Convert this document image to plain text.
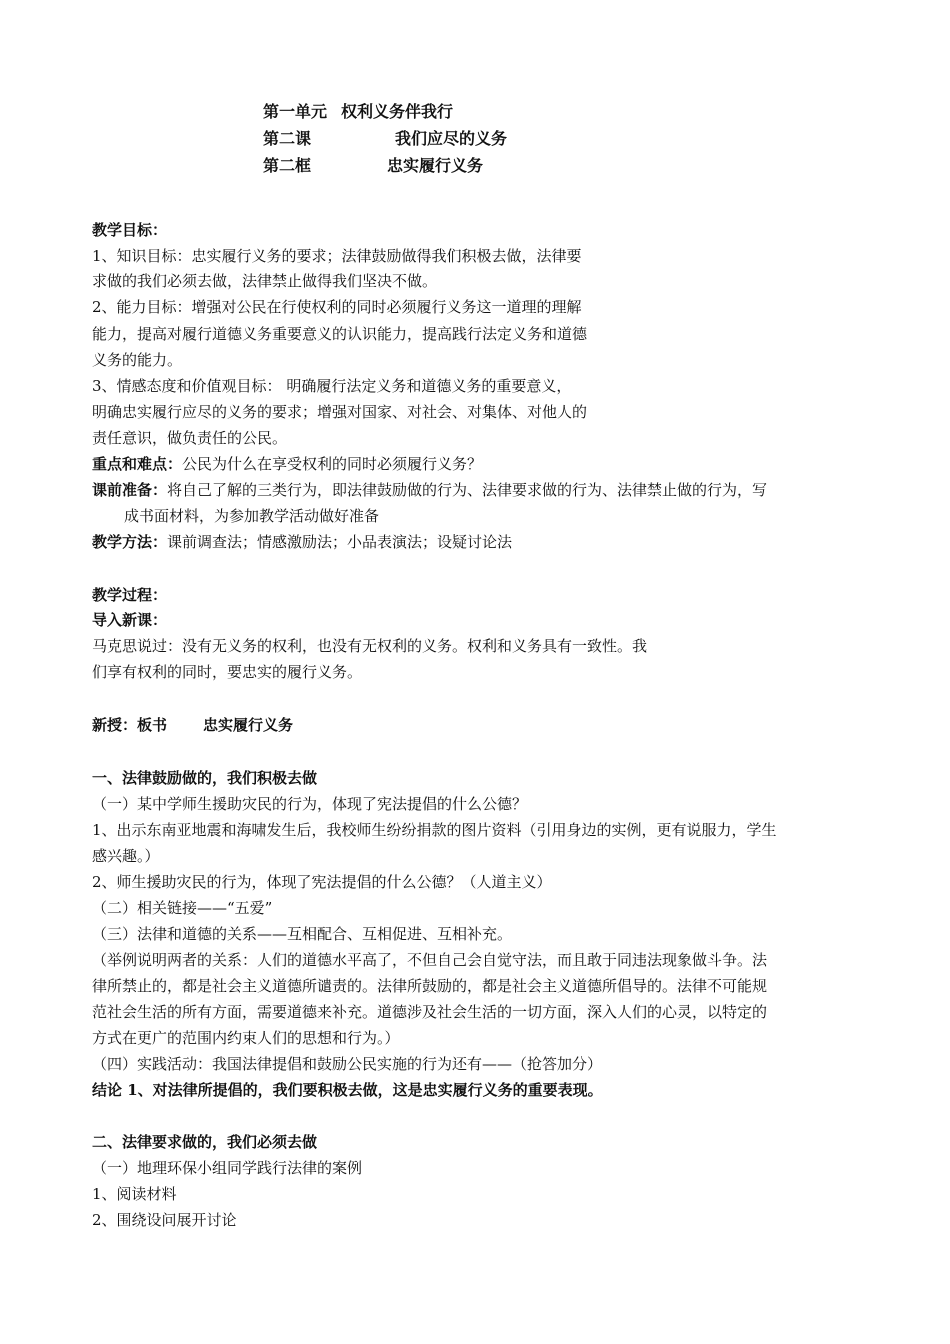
第一单元 权利义务伴我行
第二课	我们应尽的义务
第二框	忠实履行义务
教学目标：
1、知识目标：忠实履行义务的要求；法律鼓励做得我们积极去做，法律要
求做的我们必须去做，法律禁止做得我们坚决不做。
2、能力目标：增强对公民在行使权利的同时必须履行义务这一道理的理解
能力，提高对履行道德义务重要意义的认识能力，提高践行法定义务和道德
义务的能力。
3、情感态度和价值观目标： 明确履行法定义务和道德义务的重要意义，
明确忠实履行应尽的义务的要求；增强对国家、对社会、对集体、对他人的
责任意识，做负责任的公民。
重点和难点：公民为什么在享受权利的同时必须履行义务？
课前准备：将自己了解的三类行为，即法律鼓励做的行为、法律要求做的行为、法律禁止做的行为，写
成书面材料，为参加教学活动做好准备
教学方法：课前调查法；情感激励法；小品表演法；设疑讨论法
教学过程：
导入新课：
马克思说过：没有无义务的权利，也没有无权利的义务。权利和义务具有一致性。我
们享有权利的同时，要忠实的履行义务。
新授：板书 忠实履行义务
一、法律鼓励做的，我们积极去做
（一）某中学师生援助灾民的行为，体现了宪法提倡的什么公德？
1、出示东南亚地震和海啸发生后，我校师生纷纷捐款的图片资料（引用身边的实例，更有说服力，学生
感兴趣。）
2、师生援助灾民的行为，体现了宪法提倡的什么公德？（人道主义）
（二）相关链接——“五爱”
（三）法律和道德的关系——互相配合、互相促进、互相补充。
（举例说明两者的关系：人们的道德水平高了，不但自己会自觉守法，而且敢于同违法现象做斗争。法
律所禁止的，都是社会主义道德所谴责的。法律所鼓励的，都是社会主义道德所倡导的。法律不可能规
范社会生活的所有方面，需要道德来补充。道德涉及社会生活的一切方面，深入人们的心灵，以特定的
方式在更广的范围内约束人们的思想和行为。）
（四）实践活动：我国法律提倡和鼓励公民实施的行为还有——（抢答加分）
结论 1、对法律所提倡的，我们要积极去做，这是忠实履行义务的重要表现。
二、法律要求做的，我们必须去做
（一）地理环保小组同学践行法律的案例
1、阅读材料
2、围绕设问展开讨论
